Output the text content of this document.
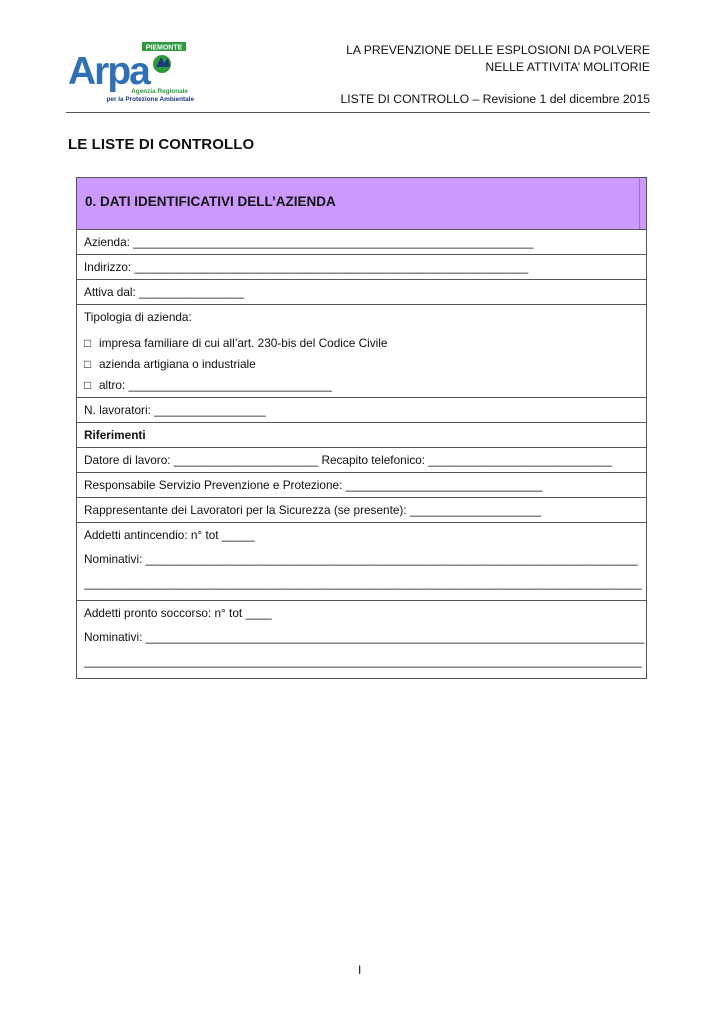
PIEMONTE
Arpa
Agenzia Regionale
per la Protezione Ambientale
LA PREVENZIONE DELLE ESPLOSIONI DA POLVERE
NELLE ATTIVITA’ MOLITORIE
LISTE DI CONTROLLO – Revisione 1 del dicembre 2015
LE LISTE DI CONTROLLO
0. DATI IDENTIFICATIVI DELL’AZIENDA
Azienda: _____________________________________________________________
Indirizzo: ____________________________________________________________
Attiva dal: ________________
Tipologia di azienda:
□ impresa familiare di cui all’art. 230-bis del Codice Civile
□ azienda artigiana o industriale
□ altro: _______________________________
N. lavoratori: _________________
Riferimenti
Datore di lavoro: ______________________ Recapito telefonico: ____________________________
Responsabile Servizio Prevenzione e Protezione: ______________________________
Rappresentante dei Lavoratori per la Sicurezza (se presente): ____________________
Addetti antincendio: n° tot _____
Nominativi: ___________________________________________________________________________
_____________________________________________________________________________________
Addetti pronto soccorso: n° tot ____
Nominativi: ____________________________________________________________________________
_____________________________________________________________________________________
I
